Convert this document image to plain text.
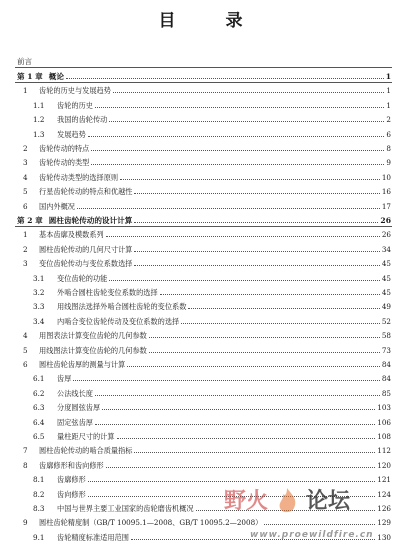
目 录
前言
第 1 章 概论	1
1	齿轮的历史与发展趋势	1
1.1	齿轮的历史	1
1.2	我国的齿轮传动	2
1.3	发展趋势	6
2	齿轮传动的特点	8
3	齿轮传动的类型	9
4	齿轮传动类型的选择原则	10
5	行星齿轮传动的特点和优越性	16
6	国内外概况	17
第 2 章 圆柱齿轮传动的设计计算	26
1	基本齿廓及模数系列	26
2	圆柱齿轮传动的几何尺寸计算	34
3	变位齿轮传动与变位系数选择	45
3.1	变位齿轮的功能	45
3.2	外啮合圆柱齿轮变位系数的选择	45
3.3	用线图法选择外啮合圆柱齿轮的变位系数	49
3.4	内啮合变位齿轮传动及变位系数的选择	52
4	用图表法计算变位齿轮的几何参数	58
5	用线图法计算变位齿轮的几何参数	73
6	圆柱齿轮齿厚的测量与计算	84
6.1	齿厚	84
6.2	公法线长度	85
6.3	分度圆弦齿厚	103
6.4	固定弦齿厚	106
6.5	量柱距尺寸的计算	108
7	圆柱齿轮传动的啮合质量指标	112
8	齿廓修形和齿向修形	120
8.1	齿廓修形	121
8.2	齿向修形	124
8.3	中国与世界主要工业国家的齿轮磨齿机概况	126
9	圆柱齿轮精度制（GB/T 10095.1—2008、GB/T 10095.2—2008）	129
9.1	齿轮精度标准适用范围	130
野火 论坛
www.proewildfire.cn
